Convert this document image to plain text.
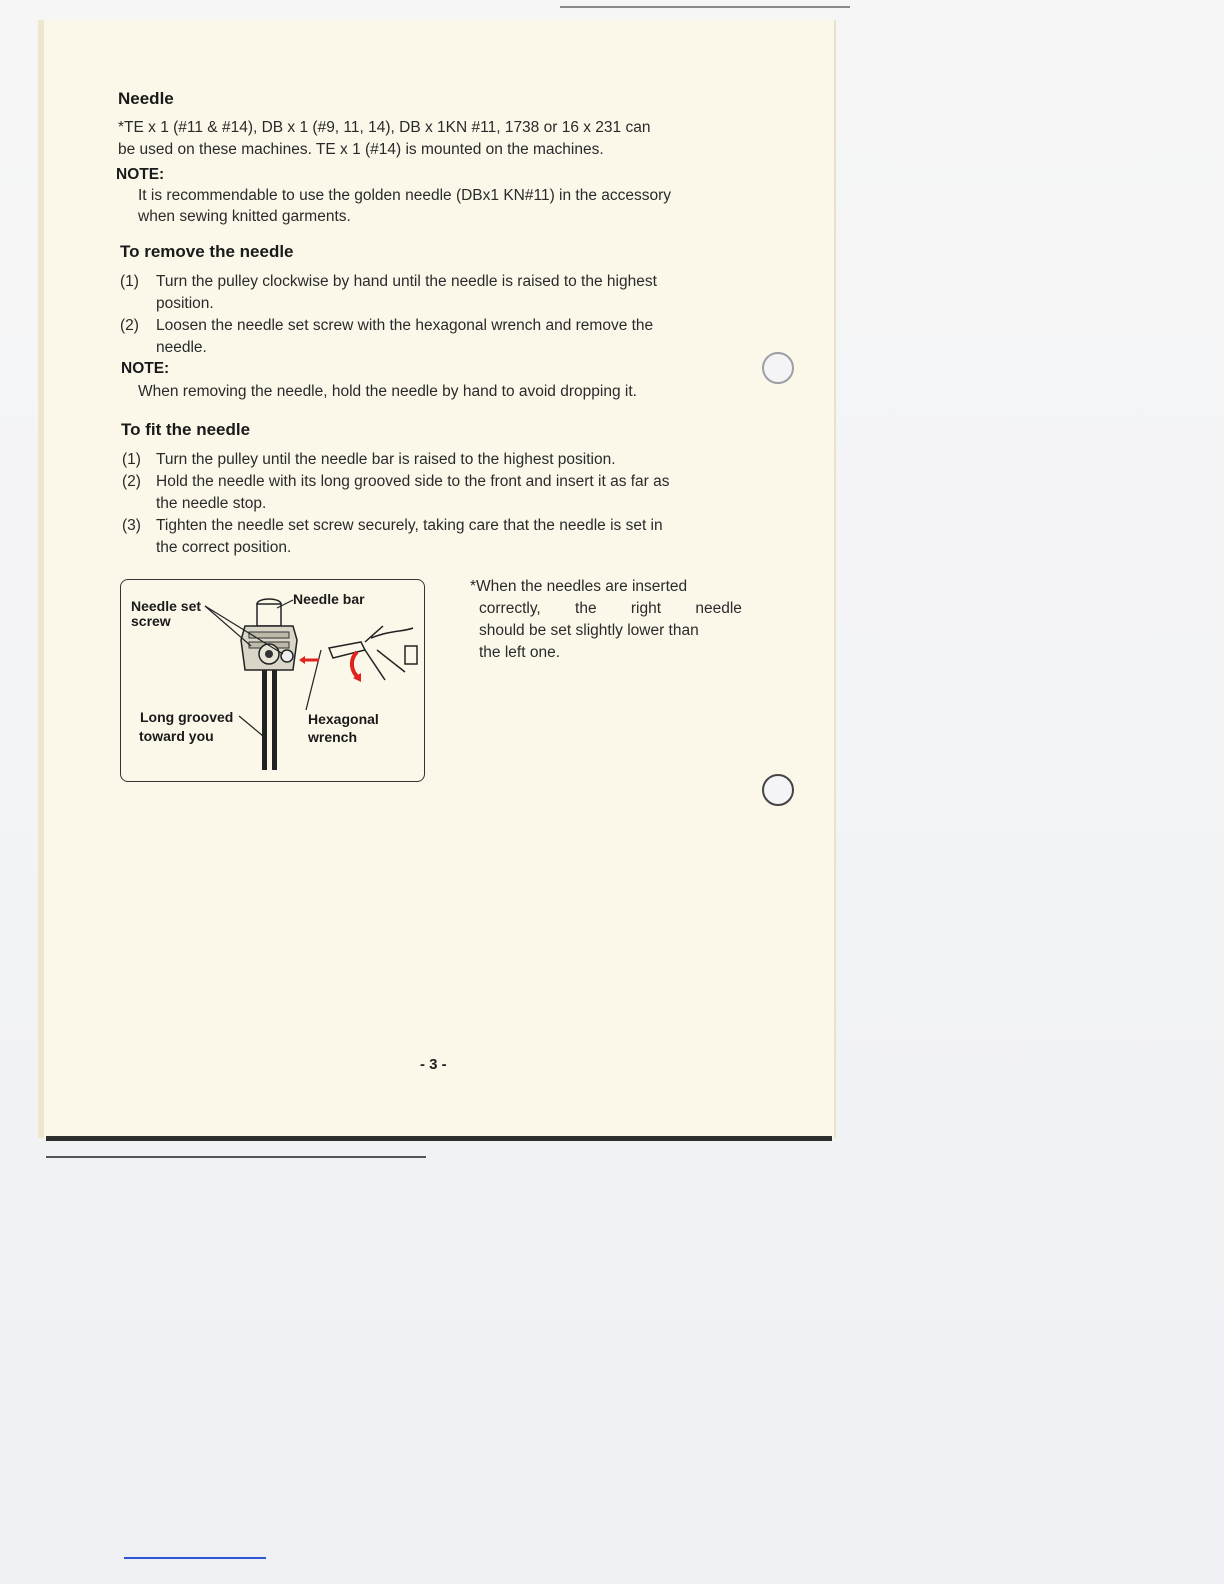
Needle
*TE x 1 (#11 & #14), DB x 1 (#9, 11, 14), DB x 1KN #11, 1738 or 16 x 231 can
be used on these machines. TE x 1 (#14) is mounted on the machines.
NOTE:
It is recommendable to use the golden needle (DBx1 KN#11) in the accessory
when sewing knitted garments.
To remove the needle
(1) Turn the pulley clockwise by hand until the needle is raised to the highest
position.
(2) Loosen the needle set screw with the hexagonal wrench and remove the
needle.
NOTE:
When removing the needle, hold the needle by hand to avoid dropping it.
To fit the needle
(1) Turn the pulley until the needle bar is raised to the highest position.
(2) Hold the needle with its long grooved side to the front and insert it as far as
the needle stop.
(3) Tighten the needle set screw securely, taking care that the needle is set in
the correct position.
Needle set
screw
Needle bar
Long grooved
toward you
Hexagonal
wrench
*When the needles are inserted
correctly, the right needle
should be set slightly lower than
the left one.
- 3 -
